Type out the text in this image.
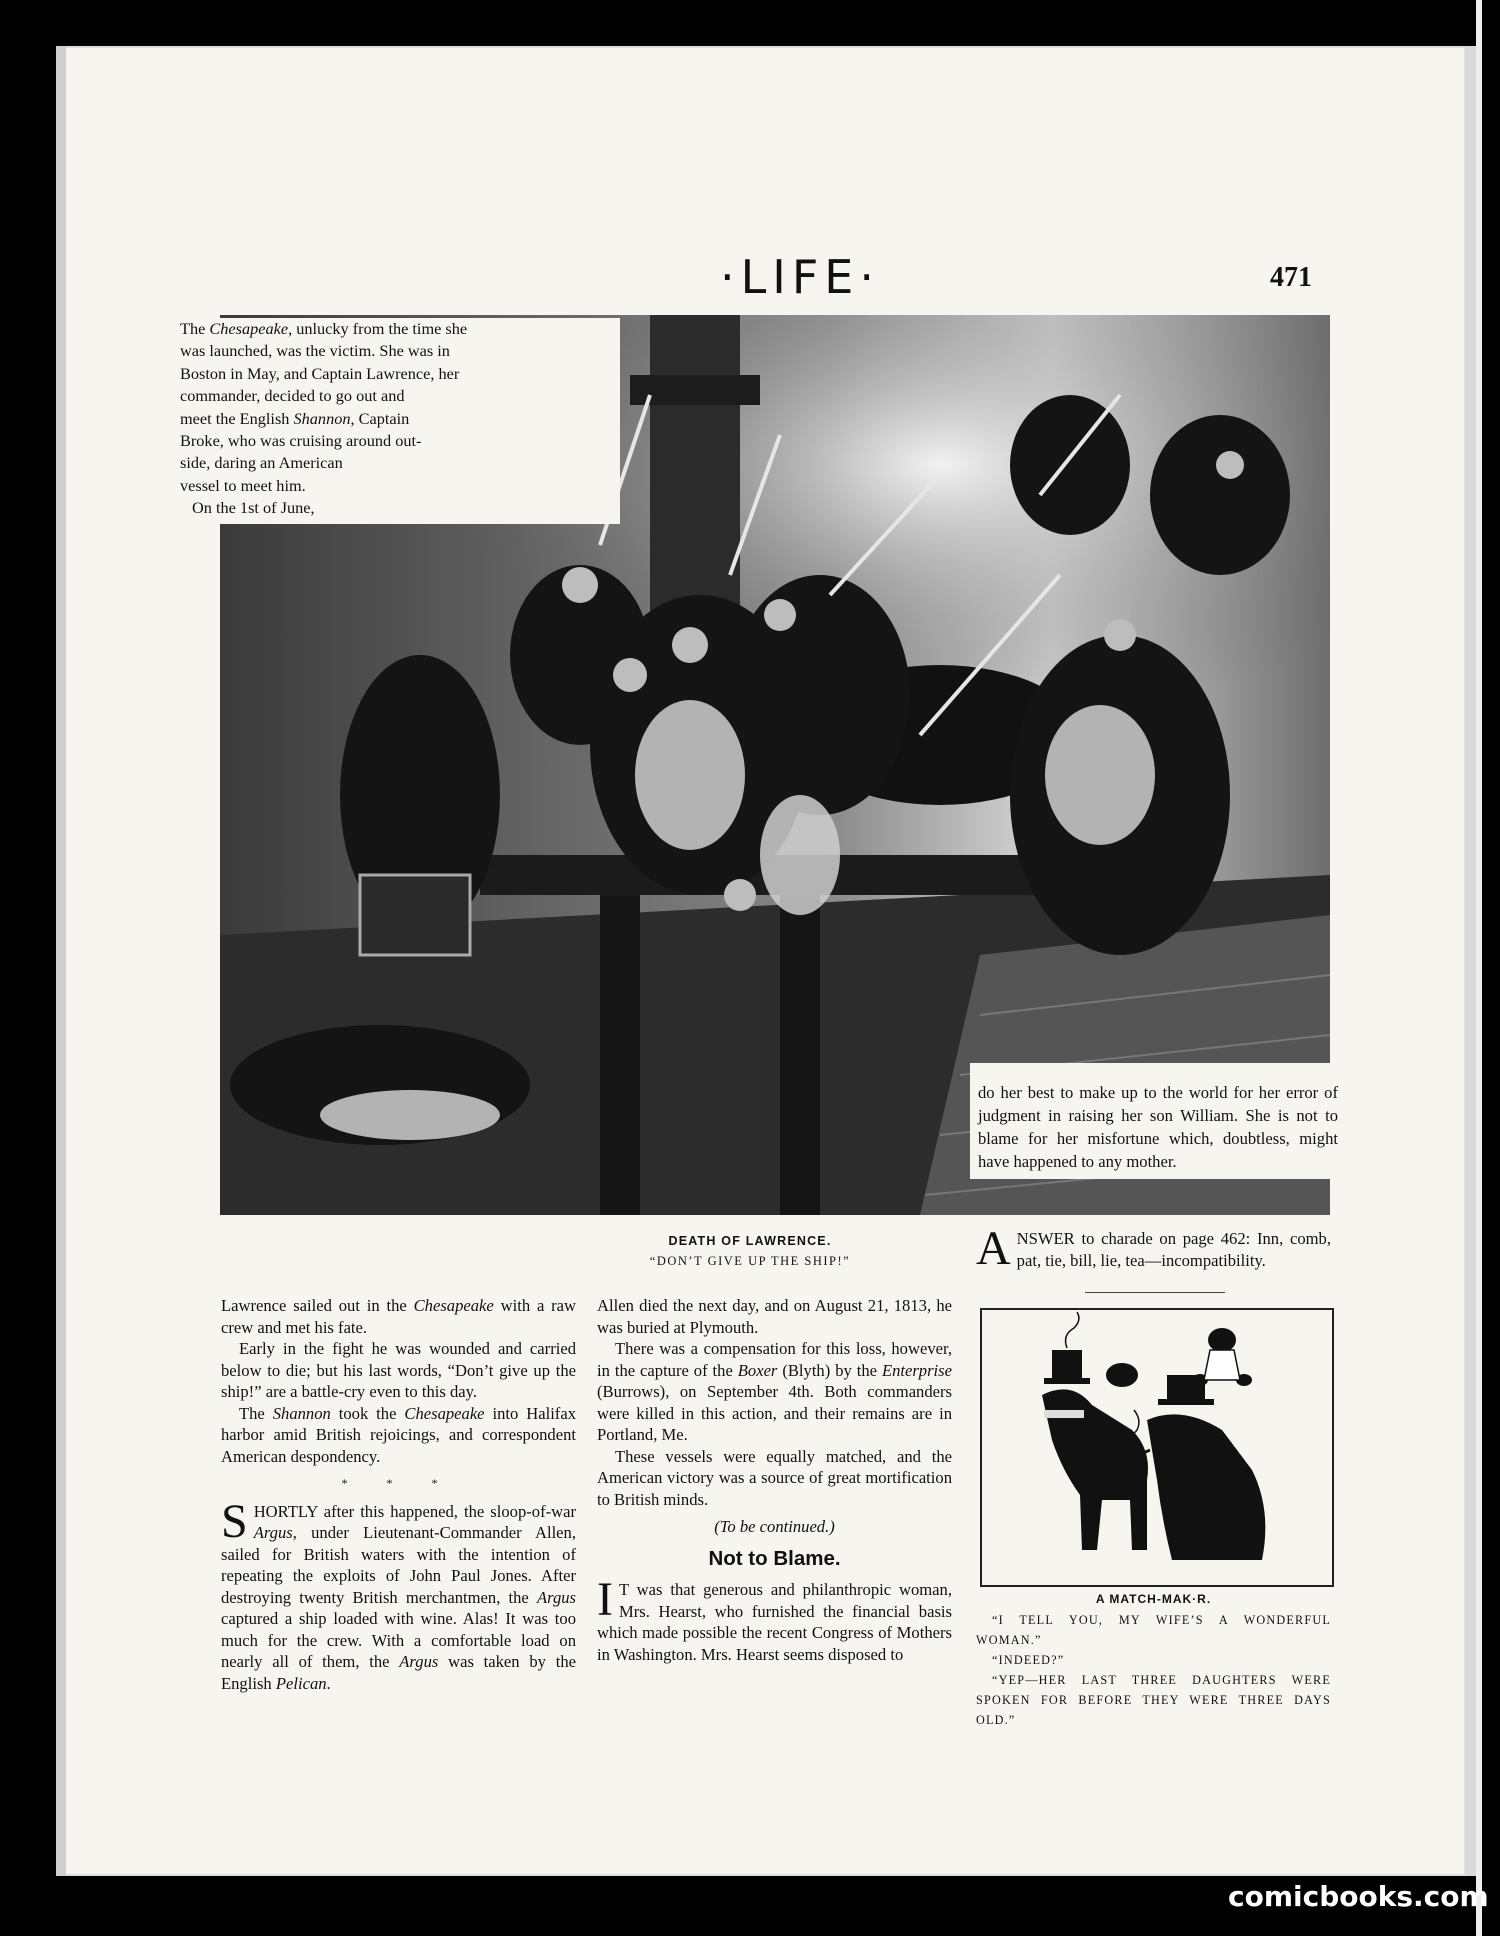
·LIFE·	471
The Chesapeake, unlucky from the time she
was launched, was the victim. She was in
Boston in May, and Captain Lawrence, her
commander, decided to go out and
meet the English Shannon, Captain
Broke, who was cruising around out-
side, daring an American
vessel to meet him.
On the 1st of June,

do her best to make up to the world for her error of judgment in raising her son William. She is not to blame for her misfortune which, doubtless, might have happened to any mother.

DEATH OF LAWRENCE.
“DON’T GIVE UP THE SHIP!”

Lawrence sailed out in the Chesapeake with a raw crew and met his fate.

Early in the fight he was wounded and carried below to die; but his last words, “Don’t give up the ship!” are a battle-cry even to this day.

The Shannon took the Chesapeake into Halifax harbor amid British rejoicings, and correspondent American despondency.

* * *

SHORTLY after this happened, the sloop-of-war Argus, under Lieutenant-Commander Allen, sailed for British waters with the intention of repeating the exploits of John Paul Jones. After destroying twenty British merchantmen, the Argus captured a ship loaded with wine. Alas! It was too much for the crew. With a comfortable load on nearly all of them, the Argus was taken by the English Pelican.

Allen died the next day, and on August 21, 1813, he was buried at Plymouth.

There was a compensation for this loss, however, in the capture of the Boxer (Blyth) by the Enterprise (Burrows), on September 4th. Both commanders were killed in this action, and their remains are in Portland, Me.

These vessels were equally matched, and the American victory was a source of great mortification to British minds.

(To be continued.)
Not to Blame.

I T was that generous and philanthropic woman, Mrs. Hearst, who furnished the financial basis which made possible the recent Congress of Mothers in Washington. Mrs. Hearst seems disposed to

ANSWER to charade on page 462: Inn, comb, pat, tie, bill, lie, tea—incompatibility.

A MATCH-MAK·R.
“I TELL YOU, MY WIFE’S A WONDERFUL WOMAN.”
“INDEED?”
“YEP—HER LAST THREE DAUGHTERS WERE SPOKEN FOR BEFORE THEY WERE THREE DAYS OLD.”
comicbooks.com
